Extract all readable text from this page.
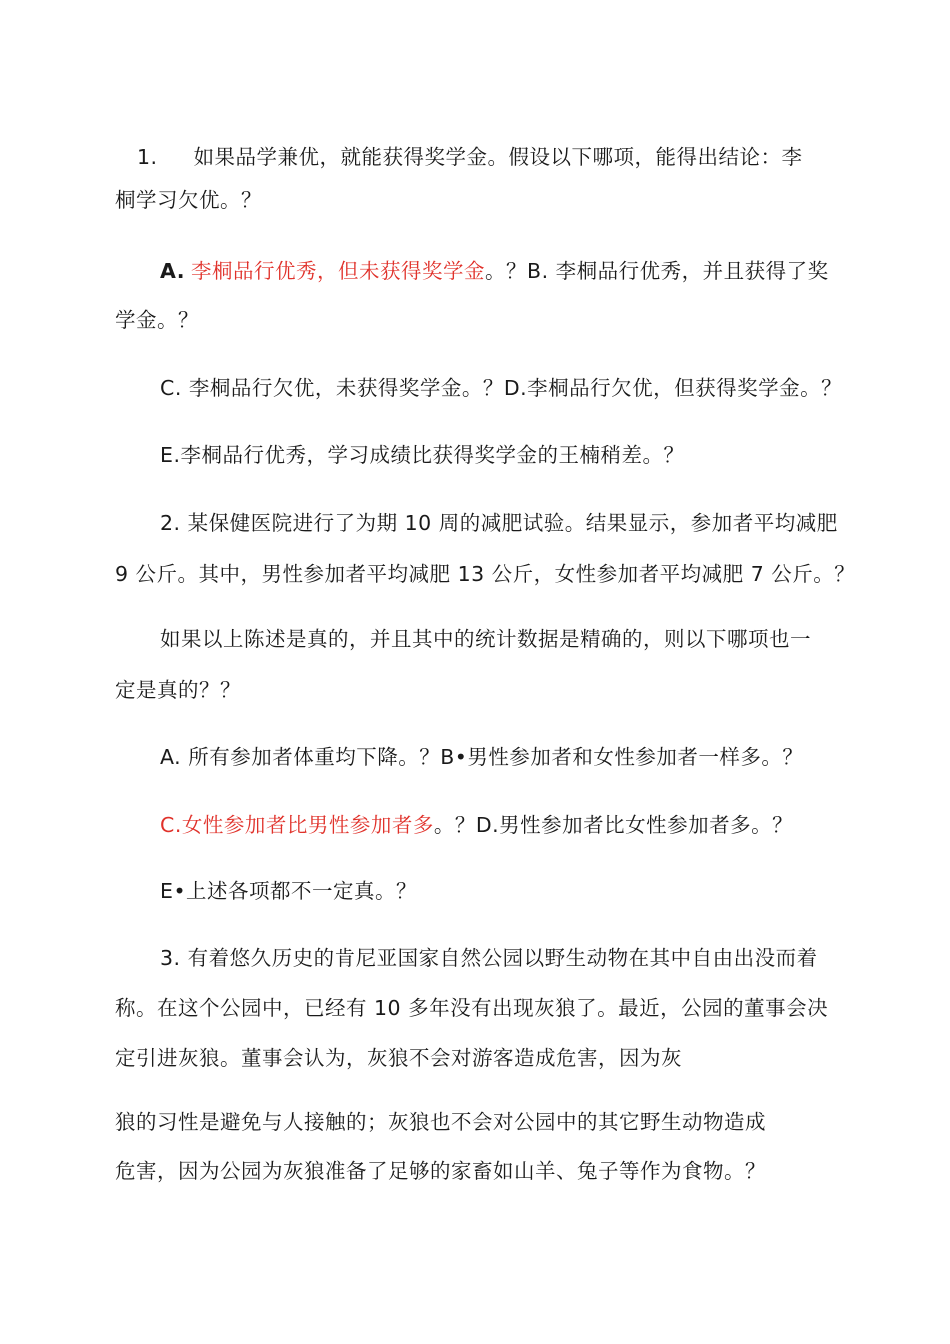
1. 如果品学兼优，就能获得奖学金。假设以下哪项，能得出结论：李
桐学习欠优。？
A. 李桐品行优秀，但未获得奖学金。？B. 李桐品行优秀，并且获得了奖
学金。？
C. 李桐品行欠优，未获得奖学金。？D.李桐品行欠优，但获得奖学金。？
E.李桐品行优秀，学习成绩比获得奖学金的王楠稍差。？
2. 某保健医院进行了为期 10 周的减肥试验。结果显示，参加者平均减肥
9 公斤。其中，男性参加者平均减肥 13 公斤，女性参加者平均减肥 7 公斤。？
如果以上陈述是真的，并且其中的统计数据是精确的，则以下哪项也一
定是真的？？
A. 所有参加者体重均下降。？B•男性参加者和女性参加者一样多。？
C.女性参加者比男性参加者多。？D.男性参加者比女性参加者多。？
E•上述各项都不一定真。？
3. 有着悠久历史的肯尼亚国家自然公园以野生动物在其中自由出没而着
称。在这个公园中，已经有 10 多年没有出现灰狼了。最近，公园的董事会决
定引进灰狼。董事会认为，灰狼不会对游客造成危害，因为灰
狼的习性是避免与人接触的；灰狼也不会对公园中的其它野生动物造成
危害，因为公园为灰狼准备了足够的家畜如山羊、兔子等作为食物。？
